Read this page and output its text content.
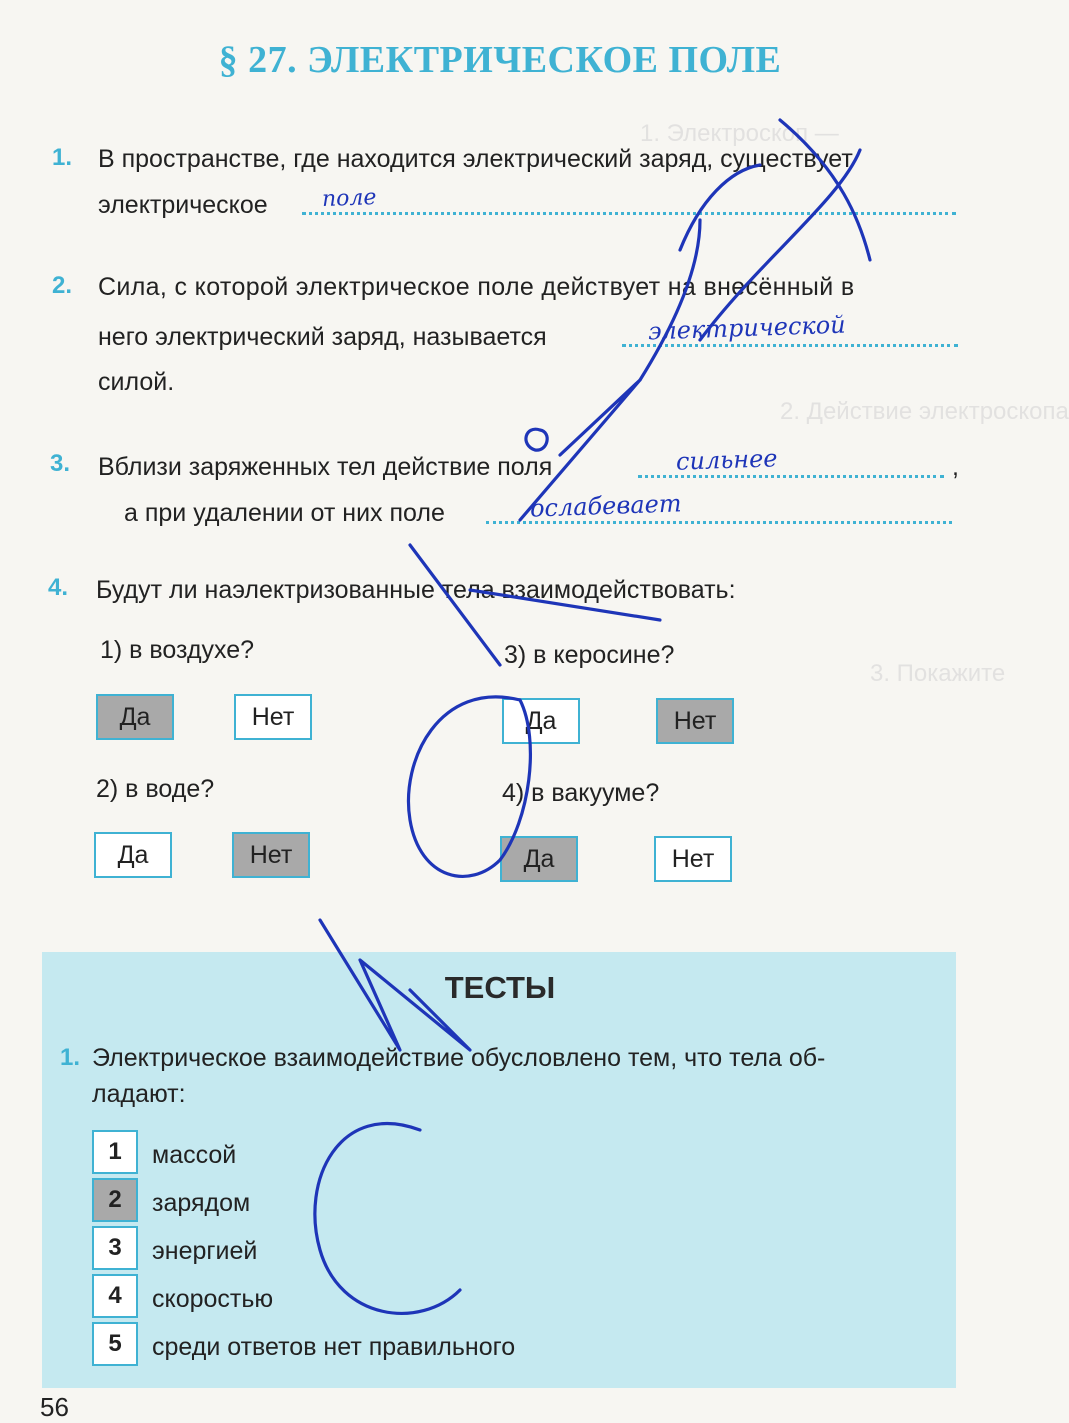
1. Электроскоп —
2. Действие электроскопа
3. Покажите
§ 27. ЭЛЕКТРИЧЕСКОЕ ПОЛЕ
1. В пространстве, где находится электрический заряд, существует
электрическое поле
2. Сила, с которой электрическое поле действует на внесённый в
него электрический заряд, называется	электрической
силой.
3. Вблизи заряженных тел действие поля	,
сильнее
а при удалении от них поле	ослабевает
4. Будут ли наэлектризованные тела взаимодействовать:
1) в воздухе?
Да	Нет
2) в воде?
Да	Нет
3) в керосине?
Да	Нет
4) в вакууме?
Да	Нет
ТЕСТЫ
1. Электрическое взаимодействие обусловлено тем, что тела об-
ладают:
1	массой
2	зарядом
3	энергией
4	скоростью
5	среди ответов нет правильного
56
